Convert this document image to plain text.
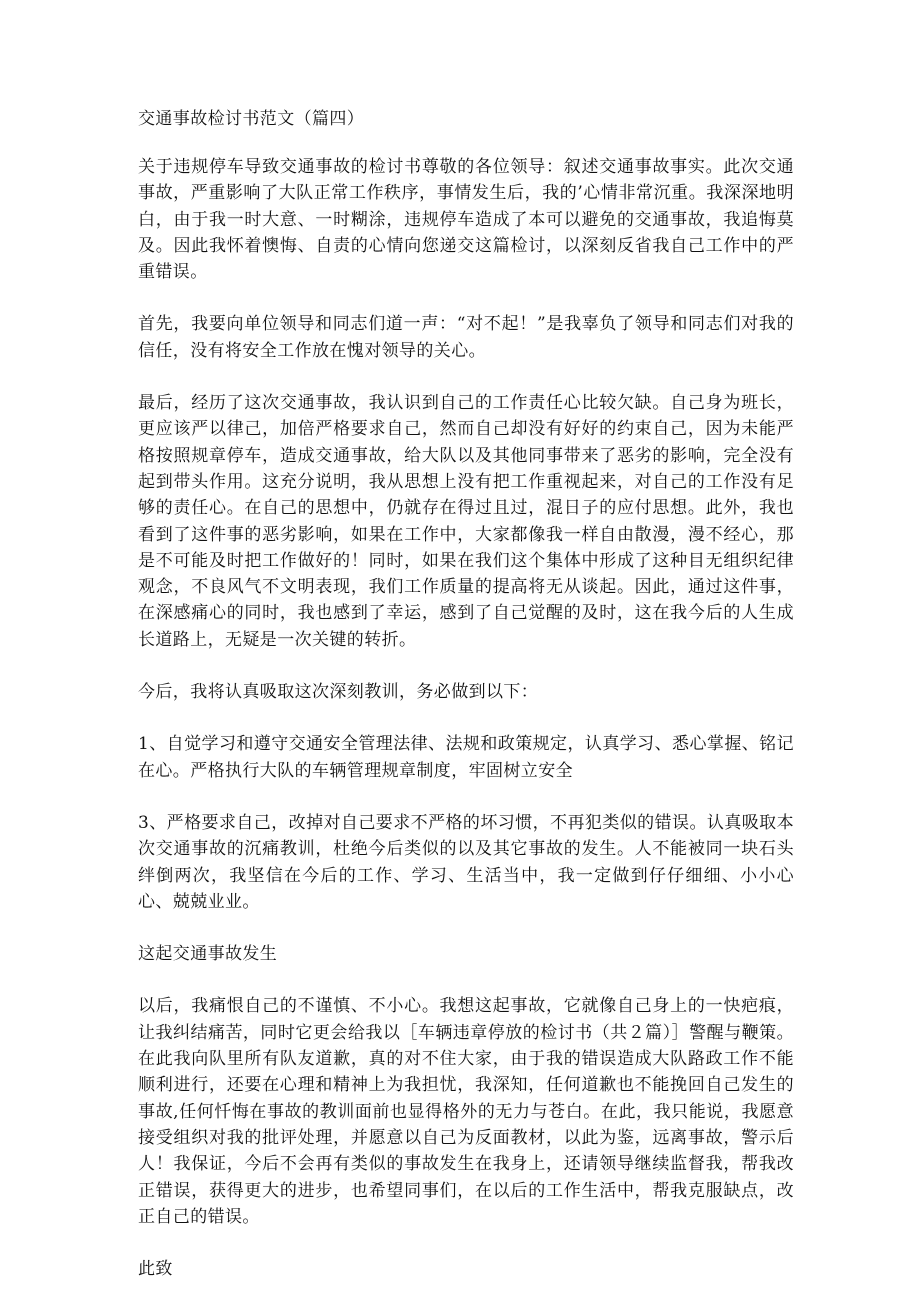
交通事故检讨书范文（篇四）

关于违规停车导致交通事故的检讨书尊敬的各位领导：叙述交通事故事实。此次交通事故，严重影响了大队正常工作秩序，事情发生后，我的’心情非常沉重。我深深地明白，由于我一时大意、一时糊涂，违规停车造成了本可以避免的交通事故，我追悔莫及。因此我怀着懊悔、自责的心情向您递交这篇检讨，以深刻反省我自己工作中的严重错误。

首先，我要向单位领导和同志们道一声：“对不起！”是我辜负了领导和同志们对我的信任，没有将安全工作放在愧对领导的关心。

最后，经历了这次交通事故，我认识到自己的工作责任心比较欠缺。自己身为班长，更应该严以律己，加倍严格要求自己，然而自己却没有好好的约束自己，因为未能严格按照规章停车，造成交通事故，给大队以及其他同事带来了恶劣的影响，完全没有起到带头作用。这充分说明，我从思想上没有把工作重视起来，对自己的工作没有足够的责任心。在自己的思想中，仍就存在得过且过，混日子的应付思想。此外，我也看到了这件事的恶劣影响，如果在工作中，大家都像我一样自由散漫，漫不经心，那是不可能及时把工作做好的！同时，如果在我们这个集体中形成了这种目无组织纪律观念，不良风气不文明表现，我们工作质量的提高将无从谈起。因此，通过这件事，在深感痛心的同时，我也感到了幸运，感到了自己觉醒的及时，这在我今后的人生成长道路上，无疑是一次关键的转折。

今后，我将认真吸取这次深刻教训，务必做到以下：

1、自觉学习和遵守交通安全管理法律、法规和政策规定，认真学习、悉心掌握、铭记在心。严格执行大队的车辆管理规章制度，牢固树立安全

3、严格要求自己，改掉对自己要求不严格的坏习惯，不再犯类似的错误。认真吸取本次交通事故的沉痛教训，杜绝今后类似的以及其它事故的发生。人不能被同一块石头绊倒两次，我坚信在今后的工作、学习、生活当中，我一定做到仔仔细细、小小心心、兢兢业业。

这起交通事故发生

以后，我痛恨自己的不谨慎、不小心。我想这起事故，它就像自己身上的一快疤痕，让我纠结痛苦，同时它更会给我以［车辆违章停放的检讨书（共２篇）］警醒与鞭策。在此我向队里所有队友道歉，真的对不住大家，由于我的错误造成大队路政工作不能顺利进行，还要在心理和精神上为我担忧，我深知，任何道歉也不能挽回自己发生的事故,任何忏悔在事故的教训面前也显得格外的无力与苍白。在此，我只能说，我愿意接受组织对我的批评处理，并愿意以自己为反面教材，以此为鉴，远离事故，警示后人！我保证，今后不会再有类似的事故发生在我身上，还请领导继续监督我，帮我改正错误，获得更大的进步，也希望同事们，在以后的工作生活中，帮我克服缺点，改正自己的错误。

此致
